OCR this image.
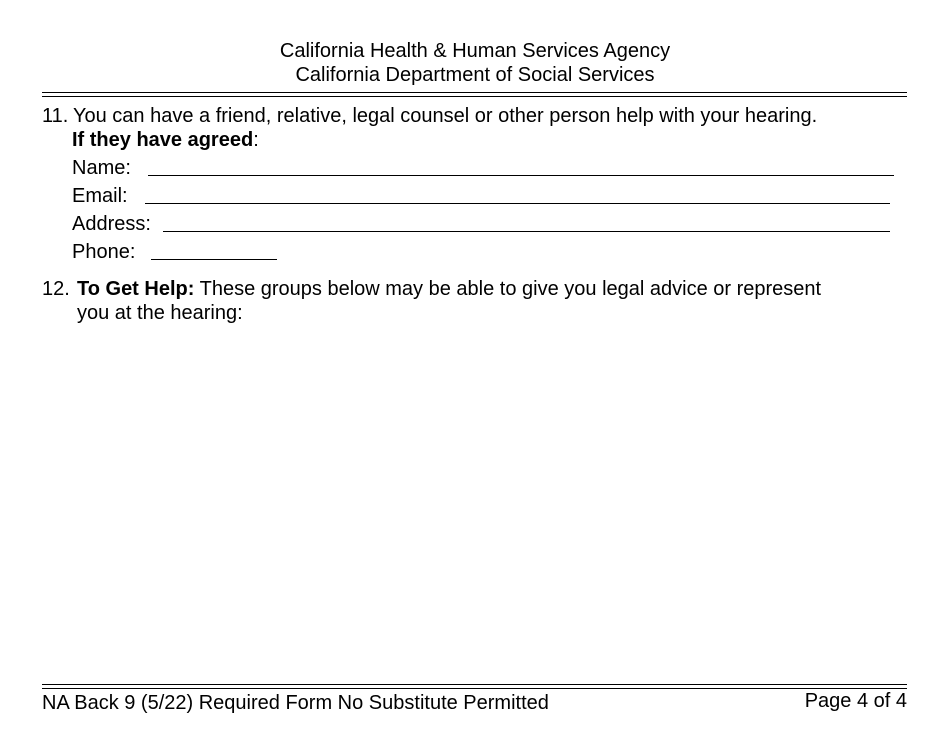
California Health & Human Services Agency
California Department of Social Services
11. You can have a friend, relative, legal counsel or other person help with your hearing.
If they have agreed:
Name:
Email:
Address:
Phone:
12. To Get Help: These groups below may be able to give you legal advice or represent
you at the hearing:
NA Back 9 (5/22) Required Form No Substitute Permitted	Page 4 of 4
